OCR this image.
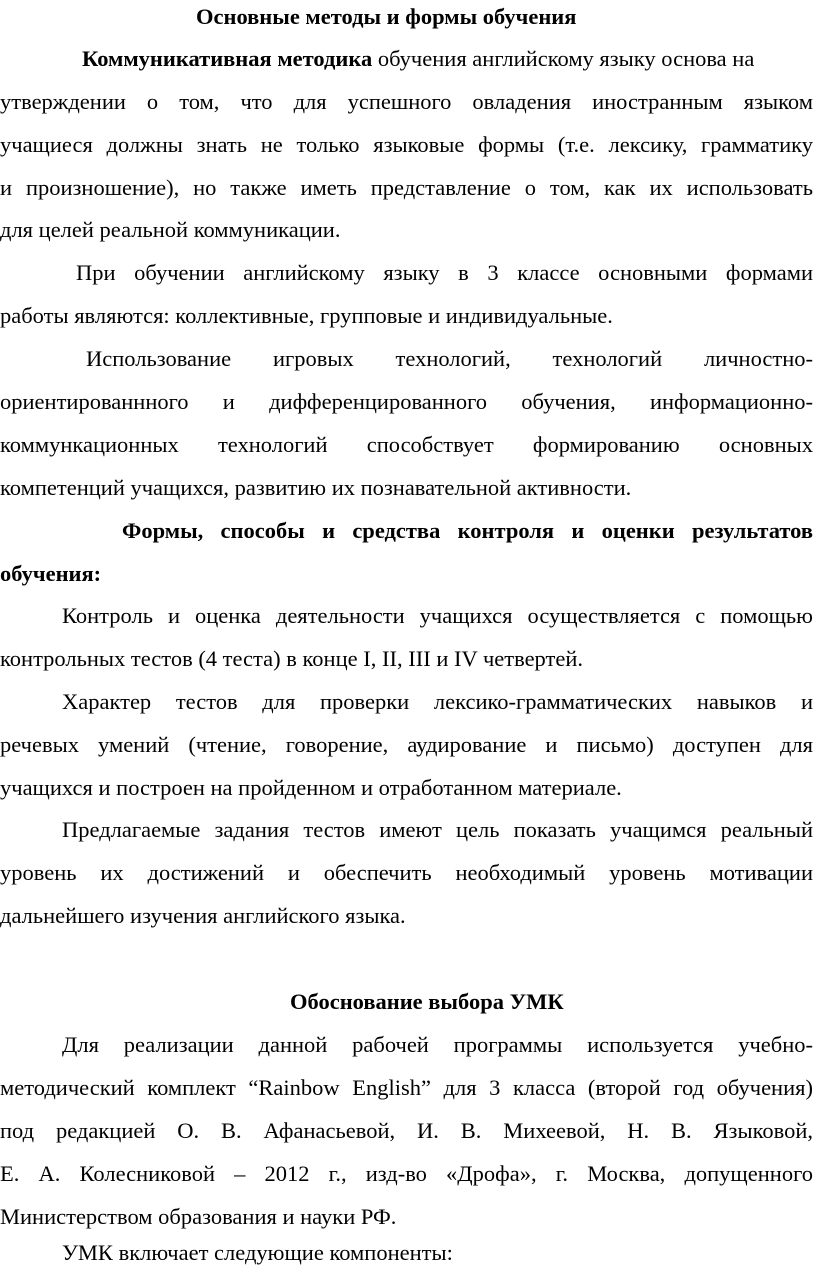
Основные методы и формы обучения
Коммуникативная методика обучения английскому языку основа на
утверждении о том, что для успешного овладения иностранным языком
учащиеся должны знать не только языковые формы (т.е. лексику, грамматику
и произношение), но также иметь представление о том, как их использовать
для целей реальной коммуникации.
При обучении английскому языку в 3 классе основными формами
работы являются: коллективные, групповые и индивидуальные.
Использование игровых технологий, технологий личностно-
ориентированнного и дифференцированного обучения, информационно-
коммункационных технологий способствует формированию основных
компетенций учащихся, развитию их познавательной активности.
Формы, способы и средства контроля и оценки результатов
обучения:
Контроль и оценка деятельности учащихся осуществляется с помощью
контрольных тестов (4 теста) в конце I, II, III и IV четвертей.
Характер тестов для проверки лексико-грамматических навыков и
речевых умений (чтение, говорение, аудирование и письмо) доступен для
учащихся и построен на пройденном и отработанном материале.
Предлагаемые задания тестов имеют цель показать учащимся реальный
уровень их достижений и обеспечить необходимый уровень мотивации
дальнейшего изучения английского языка.
Обоснование выбора УМК
Для реализации данной рабочей программы используется учебно-
методический комплект “Rainbow English” для 3 класса (второй год обучения)
под редакцией О. В. Афанасьевой, И. В. Михеевой, Н. В. Языковой,
Е. А. Колесниковой – 2012 г., изд-во «Дрофа», г. Москва, допущенного
Министерством образования и науки РФ.
УМК включает следующие компоненты:
